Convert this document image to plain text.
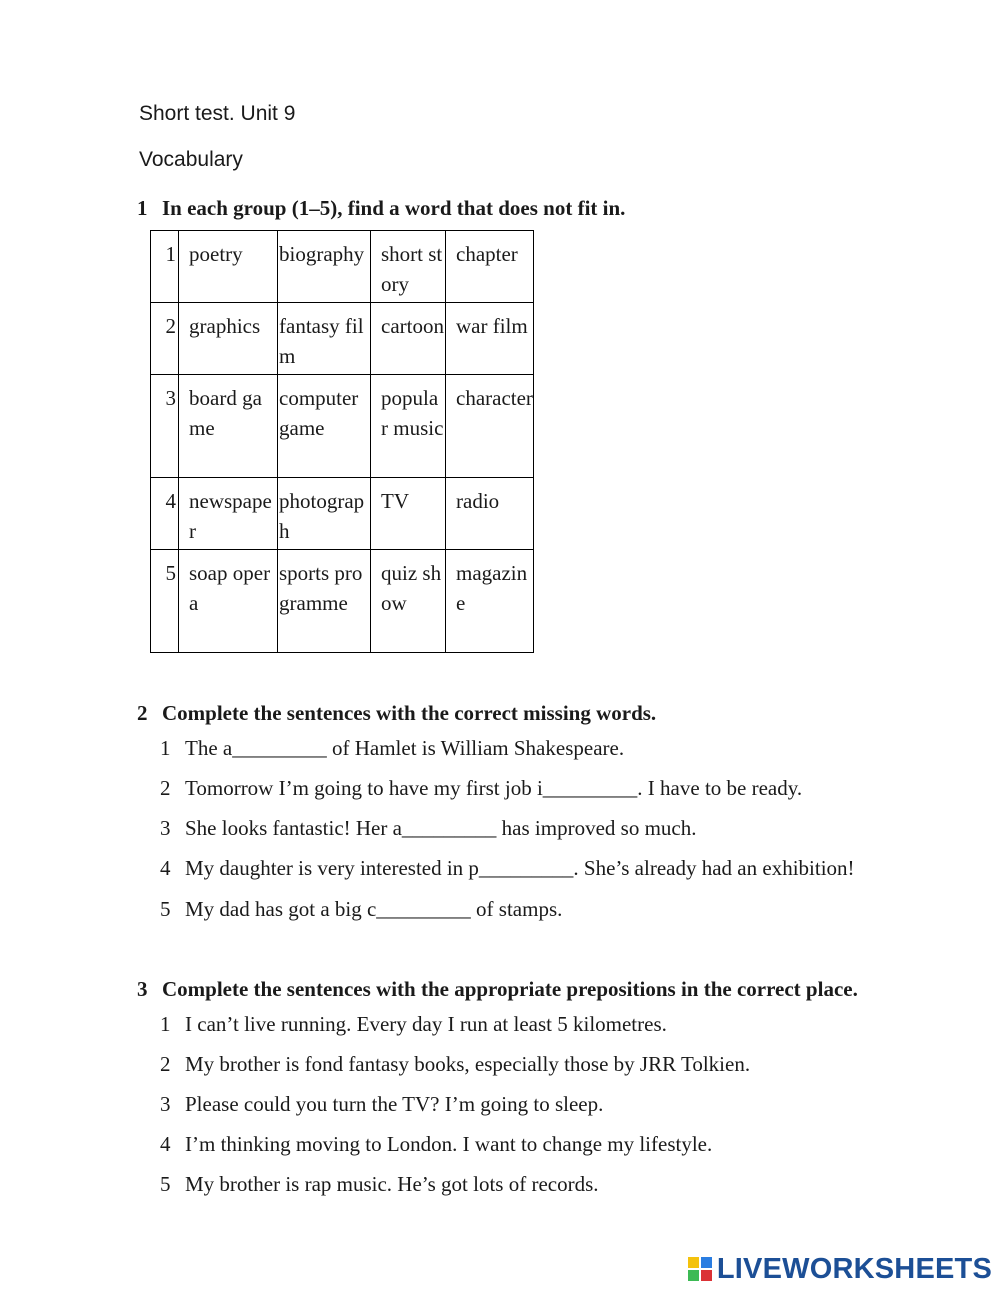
Short test. Unit 9
Vocabulary
1 In each group (1–5), find a word that does not fit in.
1	poetry	biography	short story	chapter
2	graphics	fantasy film	cartoon	war film
3	board game	computer game	popular music	character
4	newspaper	photograph	TV	radio
5	soap opera	sports programme	quiz show	magazine
2 Complete the sentences with the correct missing words.
1 The a_________ of Hamlet is William Shakespeare.
2 Tomorrow I’m going to have my first job i_________. I have to be ready.
3 She looks fantastic! Her a_________ has improved so much.
4 My daughter is very interested in p_________. She’s already had an exhibition!
5 My dad has got a big c_________ of stamps.
3 Complete the sentences with the appropriate prepositions in the correct place.
1 I can’t live running. Every day I run at least 5 kilometres.
2 My brother is fond fantasy books, especially those by JRR Tolkien.
3 Please could you turn the TV? I’m going to sleep.
4 I’m thinking moving to London. I want to change my lifestyle.
5 My brother is rap music. He’s got lots of records.
LIVEWORKSHEETS
